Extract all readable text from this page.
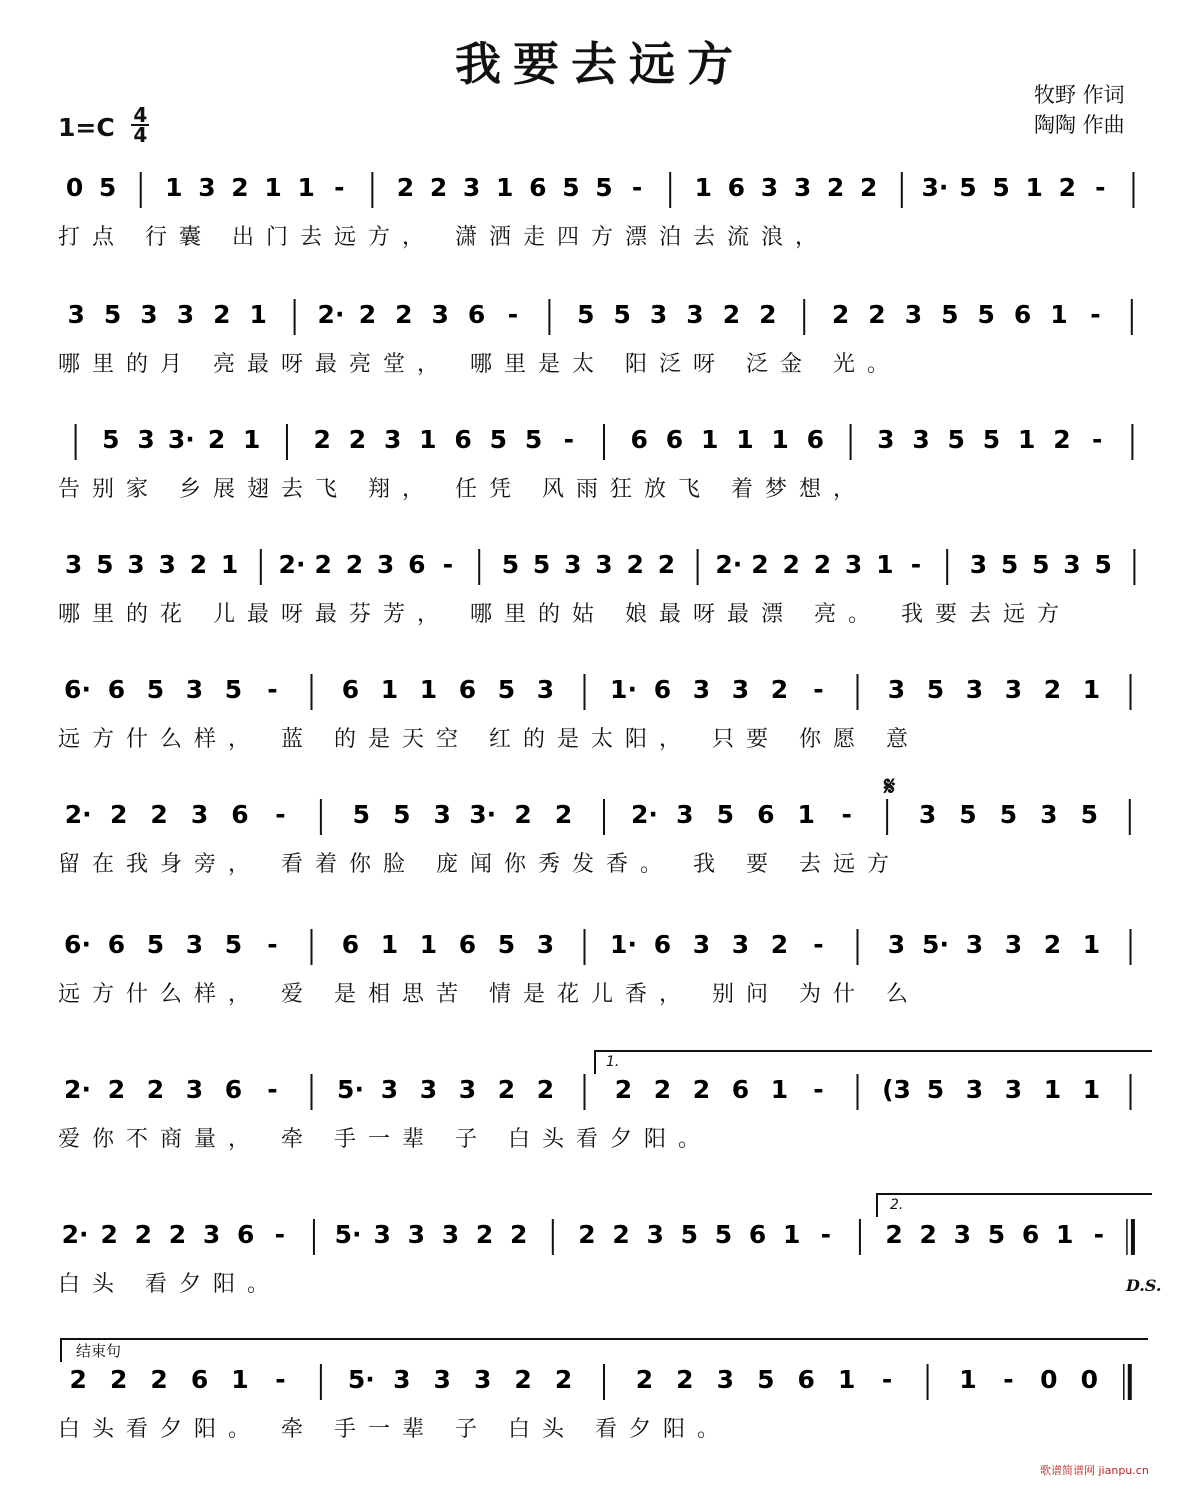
我要去远方
牧野 作词
陶陶 作曲
$1=C \frac{4}{4}$
0 5 1 3 2 1 1 - 2 2 3 1 6 5 5 - 1 6 3 3 2 2 3· 5 5 1 2 -
打点 行囊 出门去远方， 潇洒走四方漂泊去流浪，
3 5 3 3 2 1 2· 2 2 3 6 - 5 5 3 3 2 2 2 2 3 5 5 6 1 -
哪里的月 亮最呀最亮堂， 哪里是太 阳泛呀 泛金 光。
5 3 3· 2 1 2 2 3 1 6 5 5 - 6 6 1 1 1 6 3 3 5 5 1 2 -
告别家 乡展翅去飞 翔， 任凭 风雨狂放飞 着梦想，
3 5 3 3 2 1 2· 2 2 3 6 - 5 5 3 3 2 2 2· 2 2 2 3 1 - 3 5 5 3 5
哪里的花 儿最呀最芬芳， 哪里的姑 娘最呀最漂 亮。 我要去远方
6· 6 5 3 5 -	6 1 1 6 5 3 1· 6 3 3 2 -	3 5 3 3 2 1
远方什么样， 蓝 的是天空 红的是太阳， 只要 你愿 意
2· 2 2 3 6 -	5 5 3 3· 2 2 2· 3 5 6 1 -	3 5 5 3 5
留在我身旁， 看着你脸 庞闻你秀发香。 我 要 去远方
6· 6 5 3 5 -	6 1 1 6 5 3 1· 6 3 3 2 -	3 5· 3 3 2 1
远方什么样， 爱 是相思苦 情是花儿香， 别问 为什 么
2· 2 2 3 6 - 5· 3 3 3 2 2 2 2 2 6 1 - (3 5 3 3 1 1
爱你不商量， 牵 手一辈 子 白头看夕阳。
2· 2 2 2 3 6 - 5· 3 3 3 2 2 2 2 3 5 5 6 1 - 2 2 3 5 6 1 -
白头 看夕阳。
2 2 2 6 1 - 5· 3 3 3 2 2	2 2 3 5 6 1 -	1 - 0 0
白头看夕阳。 牵 手一辈 子 白头 看夕阳。
歌谱简谱网 jianpu.cn
𝄋
1.
2.
D.S.
结束句
